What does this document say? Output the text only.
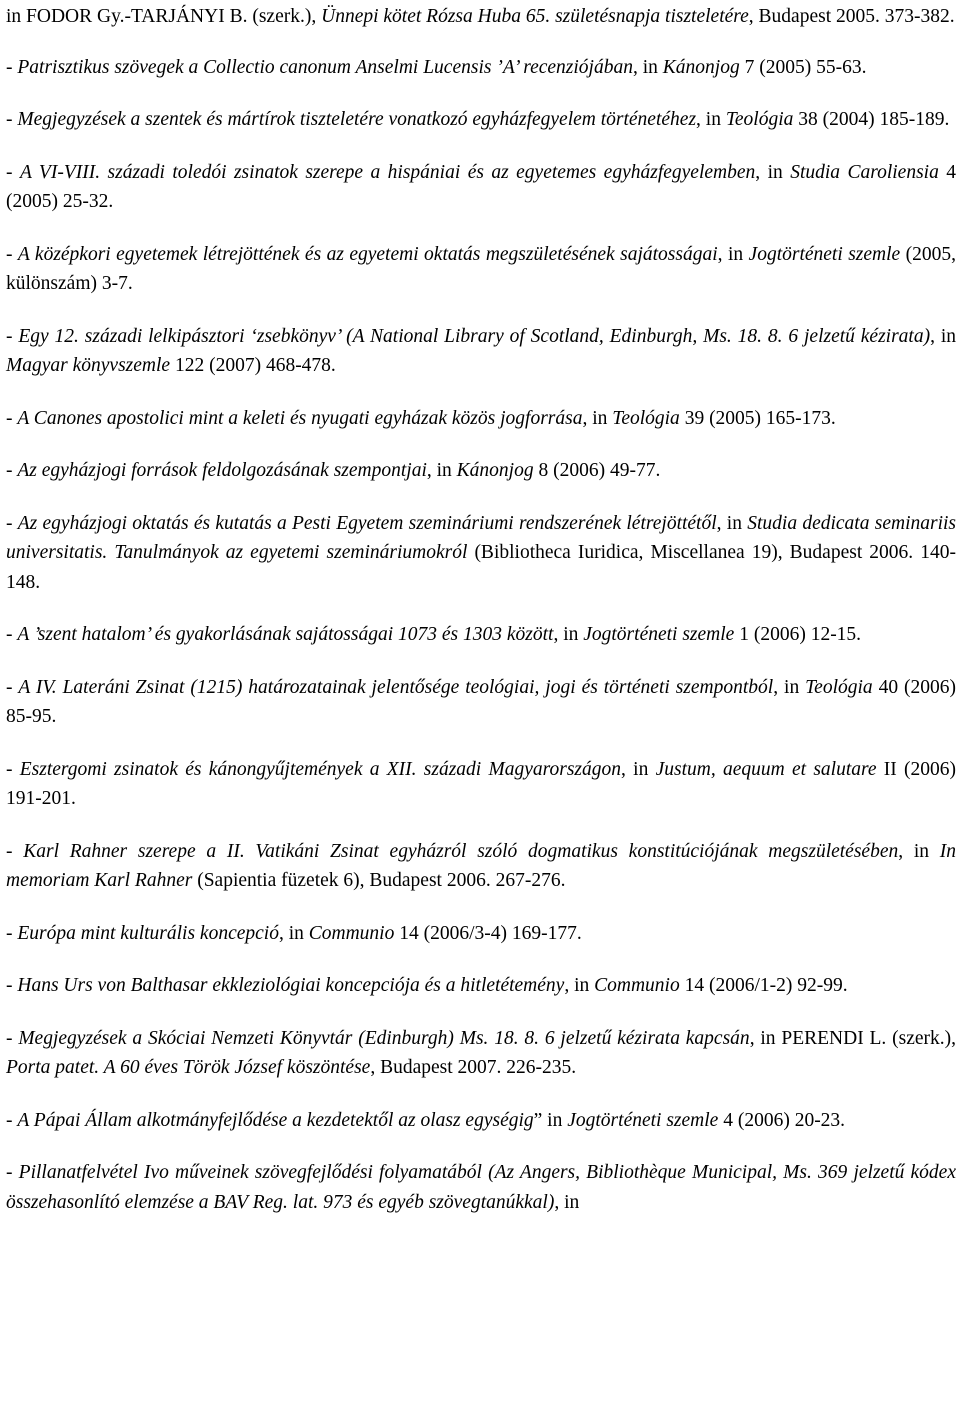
in FODOR Gy.-TARJÁNYI B. (szerk.), Ünnepi kötet Rózsa Huba 65. születésnapja tiszteletére, Budapest 2005. 373-382.

- Patrisztikus szövegek a Collectio canonum Anselmi Lucensis ’A’ recenziójában, in Kánonjog 7 (2005) 55-63.

- Megjegyzések a szentek és mártírok tiszteletére vonatkozó egyházfegyelem történetéhez, in Teológia 38 (2004) 185-189.

- A VI-VIII. századi toledói zsinatok szerepe a hispániai és az egyetemes egyházfegyelemben, in Studia Caroliensia 4 (2005) 25-32.

- A középkori egyetemek létrejöttének és az egyetemi oktatás megszületésének sajátosságai, in Jogtörténeti szemle (2005, különszám) 3-7.

- Egy 12. századi lelkipásztori ‘zsebkönyv’ (A National Library of Scotland, Edinburgh, Ms. 18. 8. 6 jelzetű kézirata), in Magyar könyvszemle 122 (2007) 468-478.

- A Canones apostolici mint a keleti és nyugati egyházak közös jogforrása, in Teológia 39 (2005) 165-173.

- Az egyházjogi források feldolgozásának szempontjai, in Kánonjog 8 (2006) 49-77.

- Az egyházjogi oktatás és kutatás a Pesti Egyetem szemináriumi rendszerének létrejöttétől, in Studia dedicata seminariis universitatis. Tanulmányok az egyetemi szemináriumokról (Bibliotheca Iuridica, Miscellanea 19), Budapest 2006. 140-148.

- A ’szent hatalom’ és gyakorlásának sajátosságai 1073 és 1303 között, in Jogtörténeti szemle 1 (2006) 12-15.

- A IV. Lateráni Zsinat (1215) határozatainak jelentősége teológiai, jogi és történeti szempontból, in Teológia 40 (2006) 85-95.

- Esztergomi zsinatok és kánongyűjtemények a XII. századi Magyarországon, in Justum, aequum et salutare II (2006) 191-201.

- Karl Rahner szerepe a II. Vatikáni Zsinat egyházról szóló dogmatikus konstitúciójának megszületésében, in In memoriam Karl Rahner (Sapientia füzetek 6), Budapest 2006. 267-276.

- Európa mint kulturális koncepció, in Communio 14 (2006/3-4) 169-177.

- Hans Urs von Balthasar ekkleziológiai koncepciója és a hitletétemény, in Communio 14 (2006/1-2) 92-99.

- Megjegyzések a Skóciai Nemzeti Könyvtár (Edinburgh) Ms. 18. 8. 6 jelzetű kézirata kapcsán, in PERENDI L. (szerk.), Porta patet. A 60 éves Török József köszöntése, Budapest 2007. 226-235.

- A Pápai Állam alkotmányfejlődése a kezdetektől az olasz egységig” in Jogtörténeti szemle 4 (2006) 20-23.

- Pillanatfelvétel Ivo műveinek szövegfejlődési folyamatából (Az Angers, Bibliothèque Municipal, Ms. 369 jelzetű kódex összehasonlító elemzése a BAV Reg. lat. 973 és egyéb szövegtanúkkal), in
